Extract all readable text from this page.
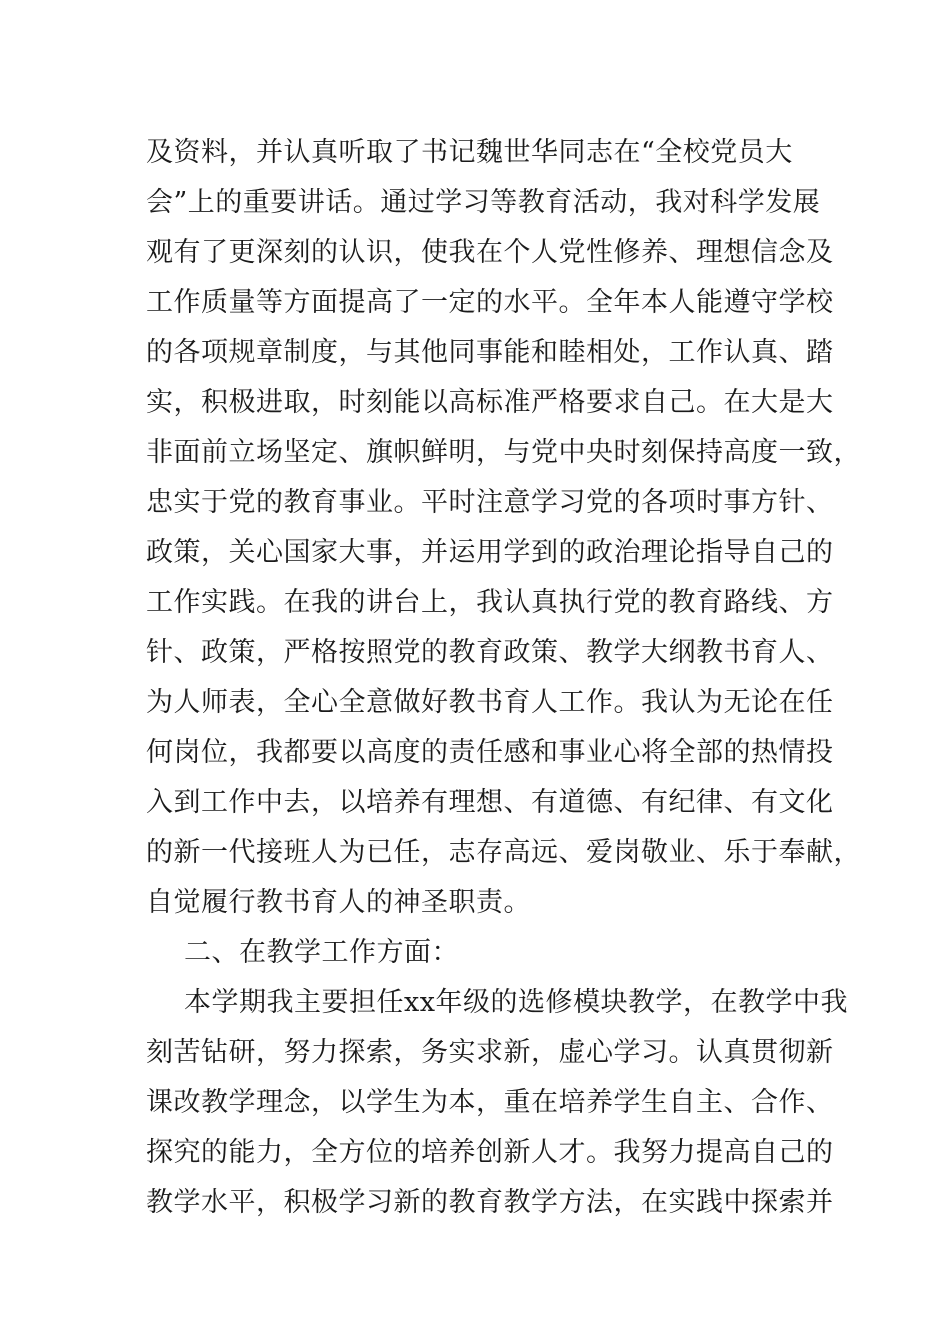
及资料，并认真听取了书记魏世华同志在“全校党员大
会”上的重要讲话。通过学习等教育活动，我对科学发展
观有了更深刻的认识，使我在个人党性修养、理想信念及
工作质量等方面提高了一定的水平。全年本人能遵守学校
的各项规章制度，与其他同事能和睦相处，工作认真、踏
实，积极进取，时刻能以高标准严格要求自己。在大是大
非面前立场坚定、旗帜鲜明，与党中央时刻保持高度一致，
忠实于党的教育事业。平时注意学习党的各项时事方针、
政策，关心国家大事，并运用学到的政治理论指导自己的
工作实践。在我的讲台上，我认真执行党的教育路线、方
针、政策，严格按照党的教育政策、教学大纲教书育人、
为人师表，全心全意做好教书育人工作。我认为无论在任
何岗位，我都要以高度的责任感和事业心将全部的热情投
入到工作中去，以培养有理想、有道德、有纪律、有文化
的新一代接班人为已任，志存高远、爱岗敬业、乐于奉献，
自觉履行教书育人的神圣职责。
二、在教学工作方面：
本学期我主要担任xx年级的选修模块教学，在教学中我
刻苦钻研，努力探索，务实求新，虚心学习。认真贯彻新
课改教学理念，以学生为本，重在培养学生自主、合作、
探究的能力，全方位的培养创新人才。我努力提高自己的
教学水平，积极学习新的教育教学方法，在实践中探索并
